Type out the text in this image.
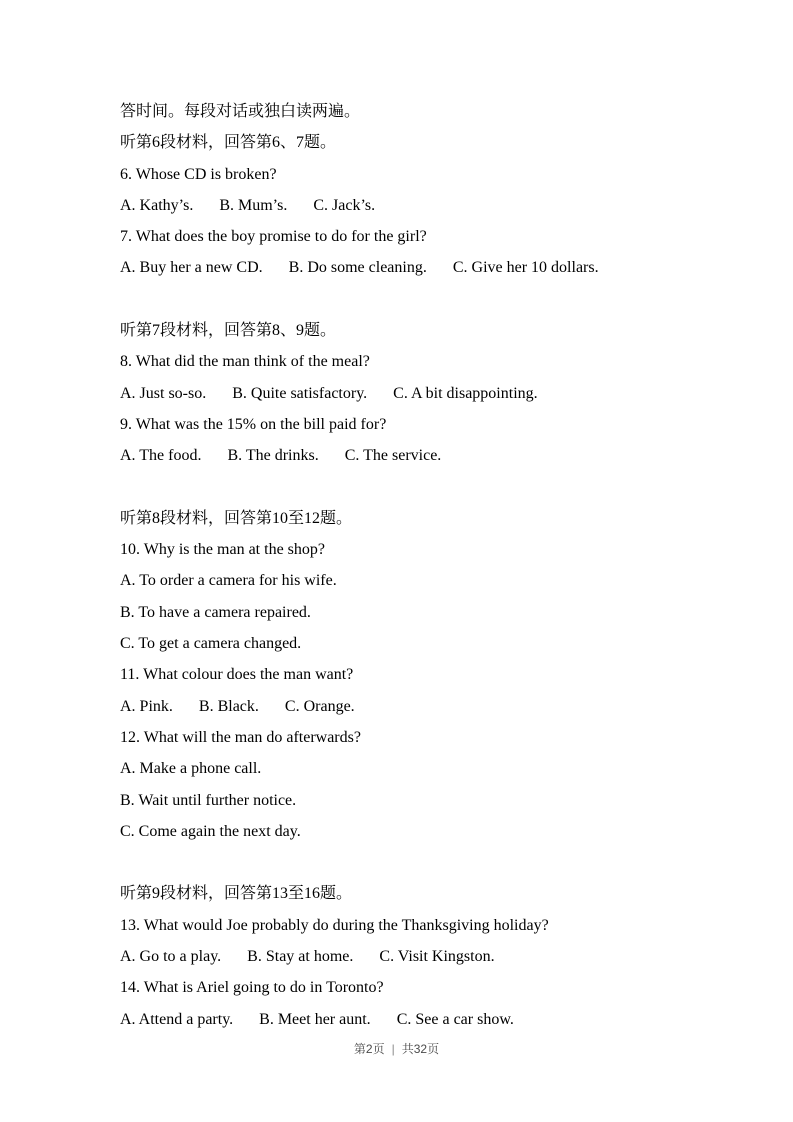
答时间。每段对话或独白读两遍。
听第6段材料，回答第6、7题。
6. Whose CD is broken?
A. Kathy’s. B. Mum’s. C. Jack’s.
7. What does the boy promise to do for the girl?
A. Buy her a new CD. B. Do some cleaning. C. Give her 10 dollars.
听第7段材料，回答第8、9题。
8. What did the man think of the meal?
A. Just so-so. B. Quite satisfactory. C. A bit disappointing.
9. What was the 15% on the bill paid for?
A. The food. B. The drinks. C. The service.
听第8段材料，回答第10至12题。
10. Why is the man at the shop?
A. To order a camera for his wife.
B. To have a camera repaired.
C. To get a camera changed.
11. What colour does the man want?
A. Pink. B. Black. C. Orange.
12. What will the man do afterwards?
A. Make a phone call.
B. Wait until further notice.
C. Come again the next day.
听第9段材料，回答第13至16题。
13. What would Joe probably do during the Thanksgiving holiday?
A. Go to a play. B. Stay at home. C. Visit Kingston.
14. What is Ariel going to do in Toronto?
A. Attend a party. B. Meet her aunt. C. See a car show.
第2页 | 共32页
